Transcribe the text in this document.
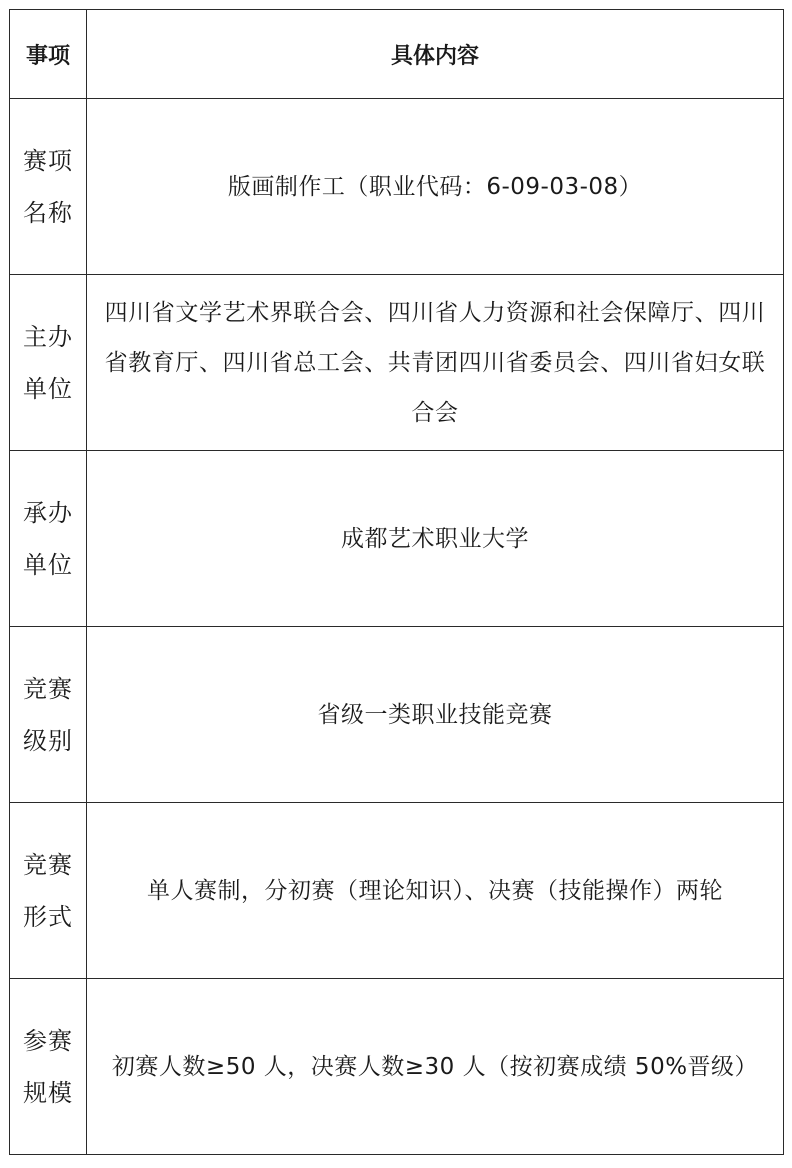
事项	具体内容

赛项
名称	版画制作工（职业代码：6-09-03-08）

主办
单位	四川省文学艺术界联合会、四川省人力资源和社会保障厅、四川省教育厅、四川省总工会、共青团四川省委员会、四川省妇女联合会

承办
单位	成都艺术职业大学

竞赛
级别	省级一类职业技能竞赛

竞赛
形式	单人赛制，分初赛（理论知识）、决赛（技能操作）两轮

参赛
规模	初赛人数≥50 人，决赛人数≥30 人（按初赛成绩 50%晋级）
